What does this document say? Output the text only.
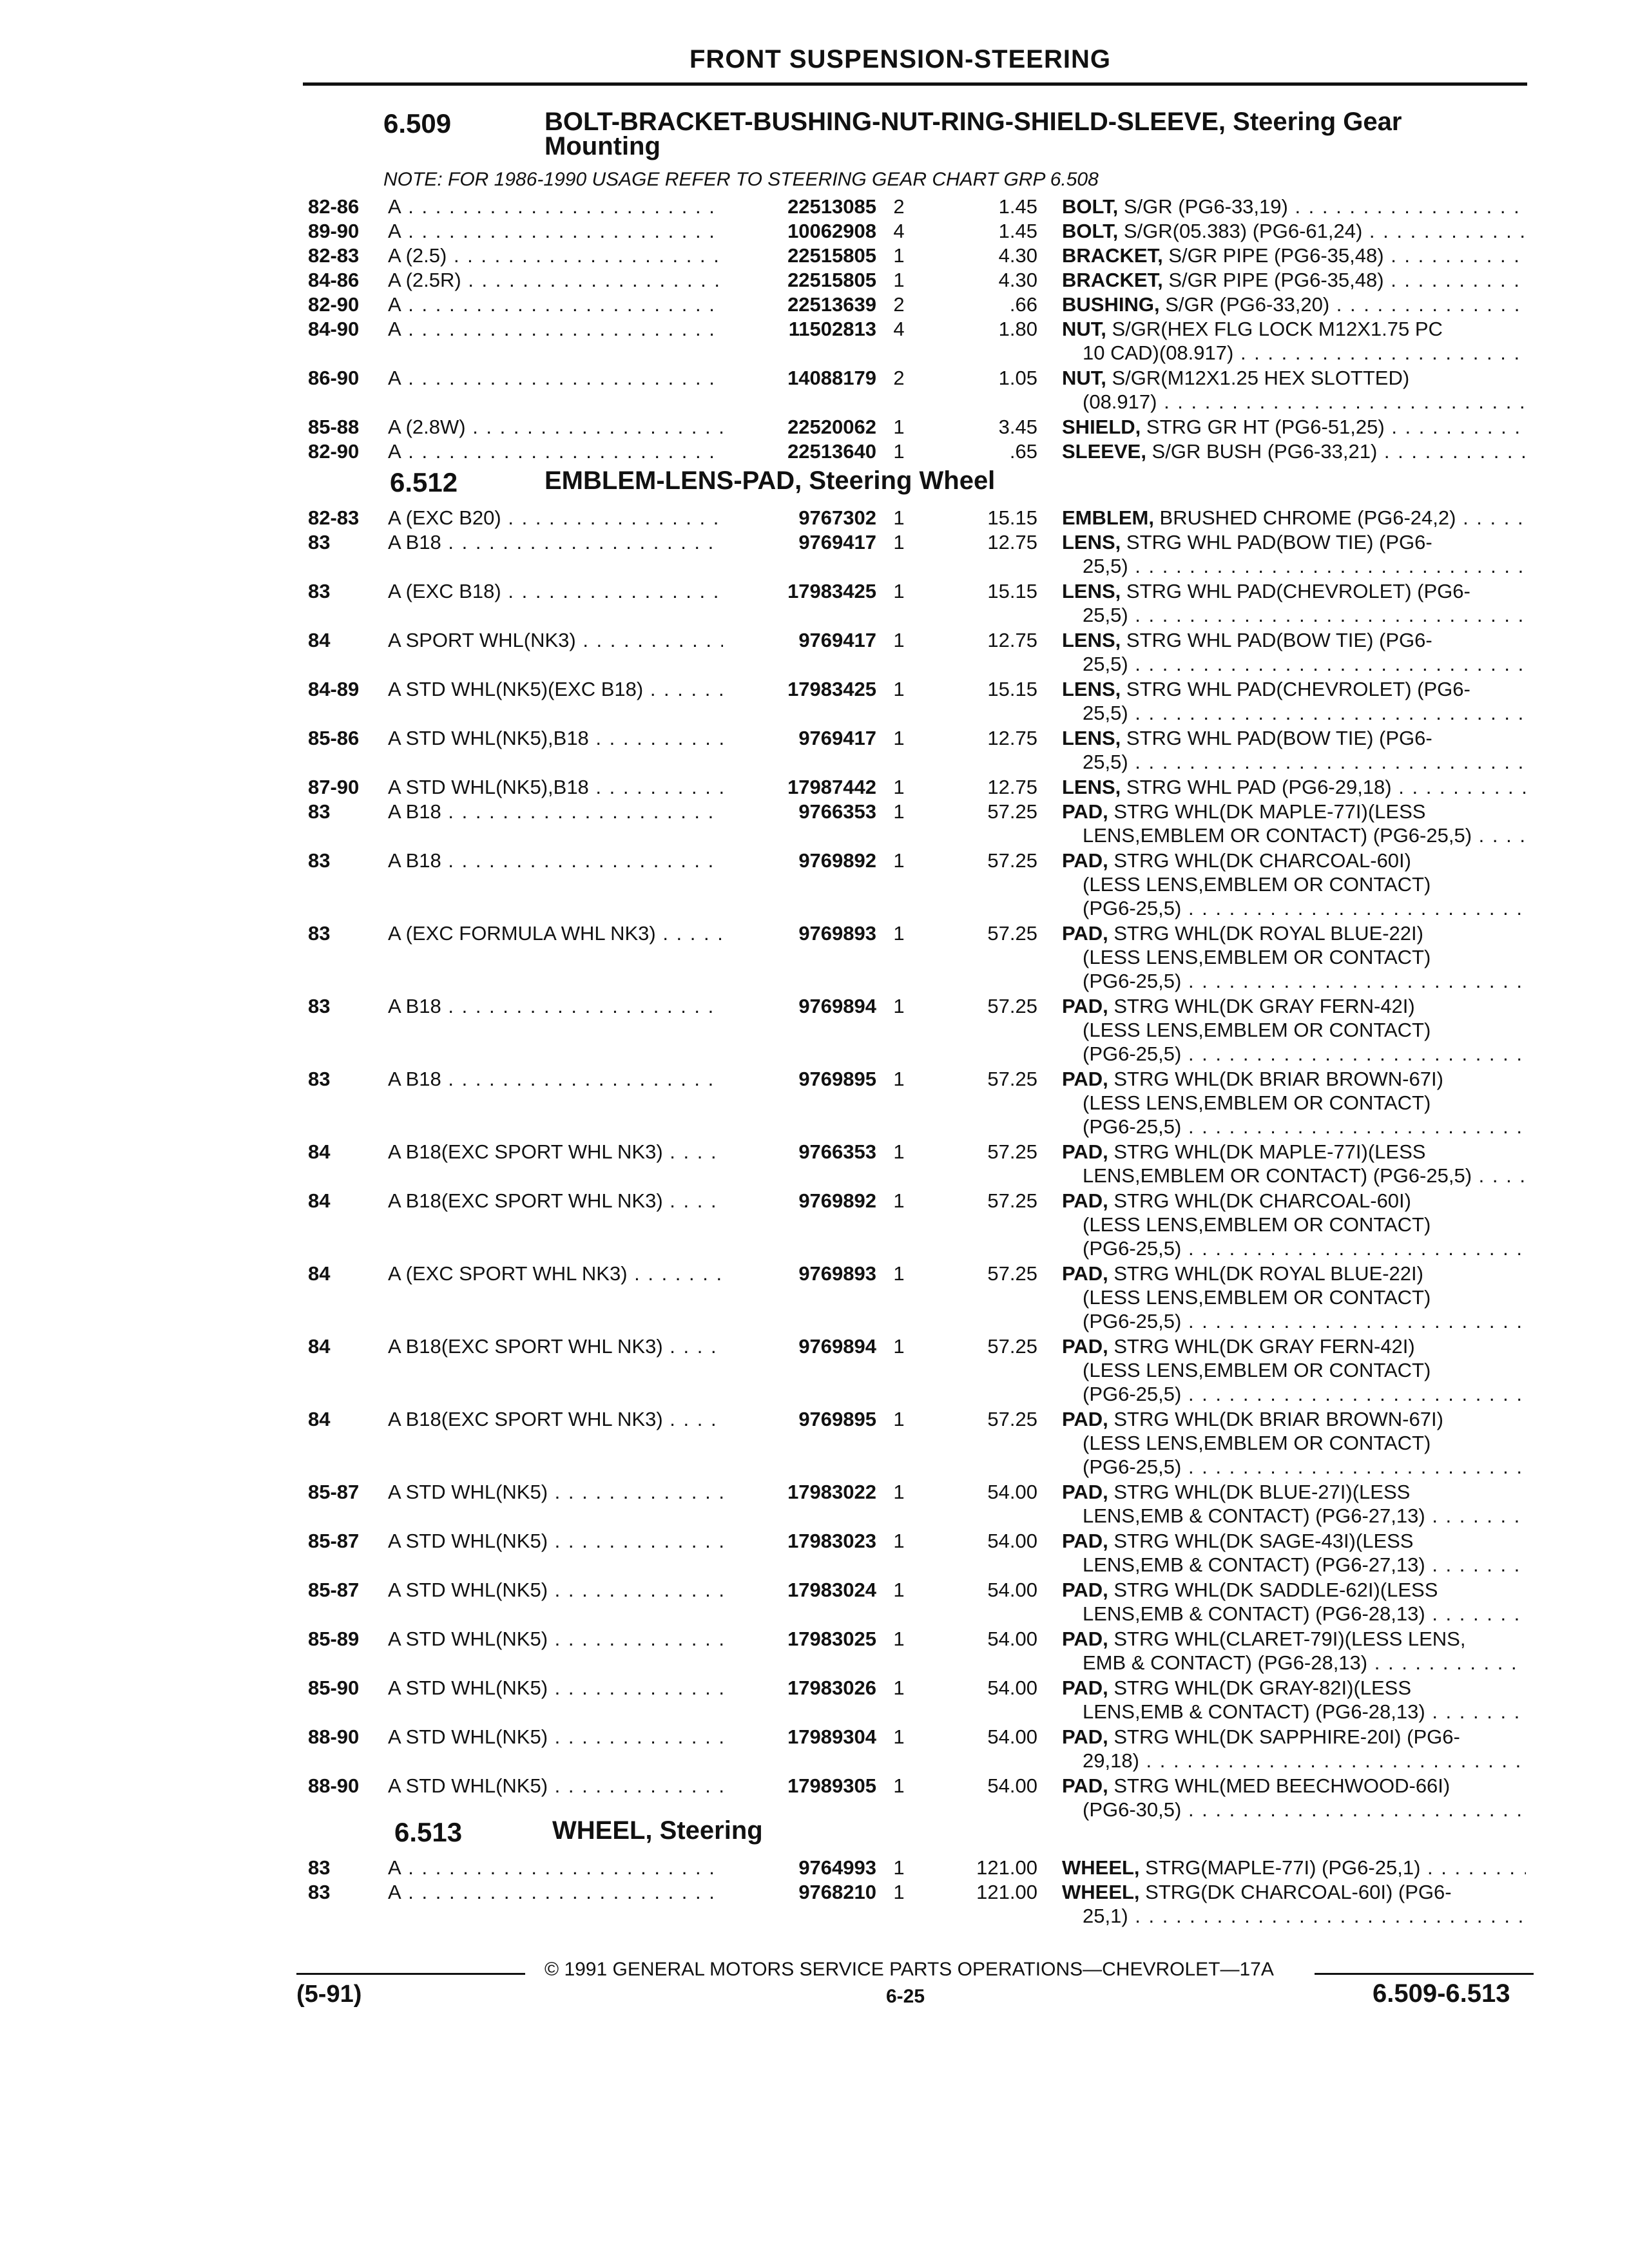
FRONT SUSPENSION-STEERING
6.509	BOLT-BRACKET-BUSHING-NUT-RING-SHIELD-SLEEVE, Steering Gear
Mounting
NOTE: FOR 1986-1990 USAGE REFER TO STEERING GEAR CHART GRP 6.508
82-86 A . . .	22513085 2	1.45 BOLT, S/GR (PG6-33,19) . . .
89-90 A . . .	10062908 4	1.45 BOLT, S/GR(05.383) (PG6-61,24) . . .
82-83 A (2.5) . . .	22515805 1	4.30 BRACKET, S/GR PIPE (PG6-35,48) . . .
84-86 A (2.5R) . . .	22515805 1	4.30 BRACKET, S/GR PIPE (PG6-35,48) . . .
82-90 A . . .	22513639 2	.66 BUSHING, S/GR (PG6-33,20) . . .
84-90 A . . .	11502813 4	1.80 NUT, S/GR(HEX FLG LOCK M12X1.75 PC
10 CAD)(08.917) . . .
86-90 A . . .	14088179 2	1.05 NUT, S/GR(M12X1.25 HEX SLOTTED)
(08.917) . . .
85-88 A (2.8W) . . .	22520062 1	3.45 SHIELD, STRG GR HT (PG6-51,25) . . .
82-90 A . . .	22513640 1	.65 SLEEVE, S/GR BUSH (PG6-33,21) . . .
6.512	EMBLEM-LENS-PAD, Steering Wheel
82-83 A (EXC B20) . . .	9767302 1	15.15 EMBLEM, BRUSHED CHROME (PG6-24,2) . . .
83	A B18 . . .	9769417 1	12.75 LENS, STRG WHL PAD(BOW TIE) (PG6-
25,5) . . .
83	A (EXC B18) . . .	17983425 1	15.15 LENS, STRG WHL PAD(CHEVROLET) (PG6-
25,5) . . .
84	A SPORT WHL(NK3) . . .	9769417 1	12.75 LENS, STRG WHL PAD(BOW TIE) (PG6-
25,5) . . .
84-89 A STD WHL(NK5)(EXC B18) . . .	17983425 1	15.15 LENS, STRG WHL PAD(CHEVROLET) (PG6-
25,5) . . .
85-86 A STD WHL(NK5),B18 . . .	9769417 1	12.75 LENS, STRG WHL PAD(BOW TIE) (PG6-
25,5) . . .
87-90 A STD WHL(NK5),B18 . . .	17987442 1	12.75 LENS, STRG WHL PAD (PG6-29,18) . . .
83	A B18 . . .	9766353 1	57.25 PAD, STRG WHL(DK MAPLE-77I)(LESS
LENS,EMBLEM OR CONTACT) (PG6-25,5) . . .
83	A B18 . . .	9769892 1	57.25 PAD, STRG WHL(DK CHARCOAL-60I)
(LESS LENS,EMBLEM OR CONTACT)
(PG6-25,5) . . .
83	A (EXC FORMULA WHL NK3) . . .	9769893 1	57.25 PAD, STRG WHL(DK ROYAL BLUE-22I)
(LESS LENS,EMBLEM OR CONTACT)
(PG6-25,5) . . .
83	A B18 . . .	9769894 1	57.25 PAD, STRG WHL(DK GRAY FERN-42I)
(LESS LENS,EMBLEM OR CONTACT)
(PG6-25,5) . . .
83	A B18 . . .	9769895 1	57.25 PAD, STRG WHL(DK BRIAR BROWN-67I)
(LESS LENS,EMBLEM OR CONTACT)
(PG6-25,5) . . .
84	A B18(EXC SPORT WHL NK3) . . .	9766353 1	57.25 PAD, STRG WHL(DK MAPLE-77I)(LESS
LENS,EMBLEM OR CONTACT) (PG6-25,5) . . .
84	A B18(EXC SPORT WHL NK3) . . .	9769892 1	57.25 PAD, STRG WHL(DK CHARCOAL-60I)
(LESS LENS,EMBLEM OR CONTACT)
(PG6-25,5) . . .
84	A (EXC SPORT WHL NK3) . . .	9769893 1	57.25 PAD, STRG WHL(DK ROYAL BLUE-22I)
(LESS LENS,EMBLEM OR CONTACT)
(PG6-25,5) . . .
84	A B18(EXC SPORT WHL NK3) . . .	9769894 1	57.25 PAD, STRG WHL(DK GRAY FERN-42I)
(LESS LENS,EMBLEM OR CONTACT)
(PG6-25,5) . . .
84	A B18(EXC SPORT WHL NK3) . . .	9769895 1	57.25 PAD, STRG WHL(DK BRIAR BROWN-67I)
(LESS LENS,EMBLEM OR CONTACT)
(PG6-25,5) . . .
85-87 A STD WHL(NK5) . . .	17983022 1	54.00 PAD, STRG WHL(DK BLUE-27I)(LESS
LENS,EMB & CONTACT) (PG6-27,13) . . .
85-87 A STD WHL(NK5) . . .	17983023 1	54.00 PAD, STRG WHL(DK SAGE-43I)(LESS
LENS,EMB & CONTACT) (PG6-27,13) . . .
85-87 A STD WHL(NK5) . . .	17983024 1	54.00 PAD, STRG WHL(DK SADDLE-62I)(LESS
LENS,EMB & CONTACT) (PG6-28,13) . . .
85-89 A STD WHL(NK5) . . .	17983025 1	54.00 PAD, STRG WHL(CLARET-79I)(LESS LENS,
EMB & CONTACT) (PG6-28,13) . . .
85-90 A STD WHL(NK5) . . .	17983026 1	54.00 PAD, STRG WHL(DK GRAY-82I)(LESS
LENS,EMB & CONTACT) (PG6-28,13) . . .
88-90 A STD WHL(NK5) . . .	17989304 1	54.00 PAD, STRG WHL(DK SAPPHIRE-20I) (PG6-
29,18) . . .
88-90 A STD WHL(NK5) . . .	17989305 1	54.00 PAD, STRG WHL(MED BEECHWOOD-66I)
(PG6-30,5) . . .
6.513	WHEEL, Steering
83	A . . .	9764993 1	121.00 WHEEL, STRG(MAPLE-77I) (PG6-25,1) . . .
83	A . . .	9768210 1	121.00 WHEEL, STRG(DK CHARCOAL-60I) (PG6-
25,1) . . .
© 1991 GENERAL MOTORS SERVICE PARTS OPERATIONS—CHEVROLET—17A
(5-91)	6-25	6.509-6.513
